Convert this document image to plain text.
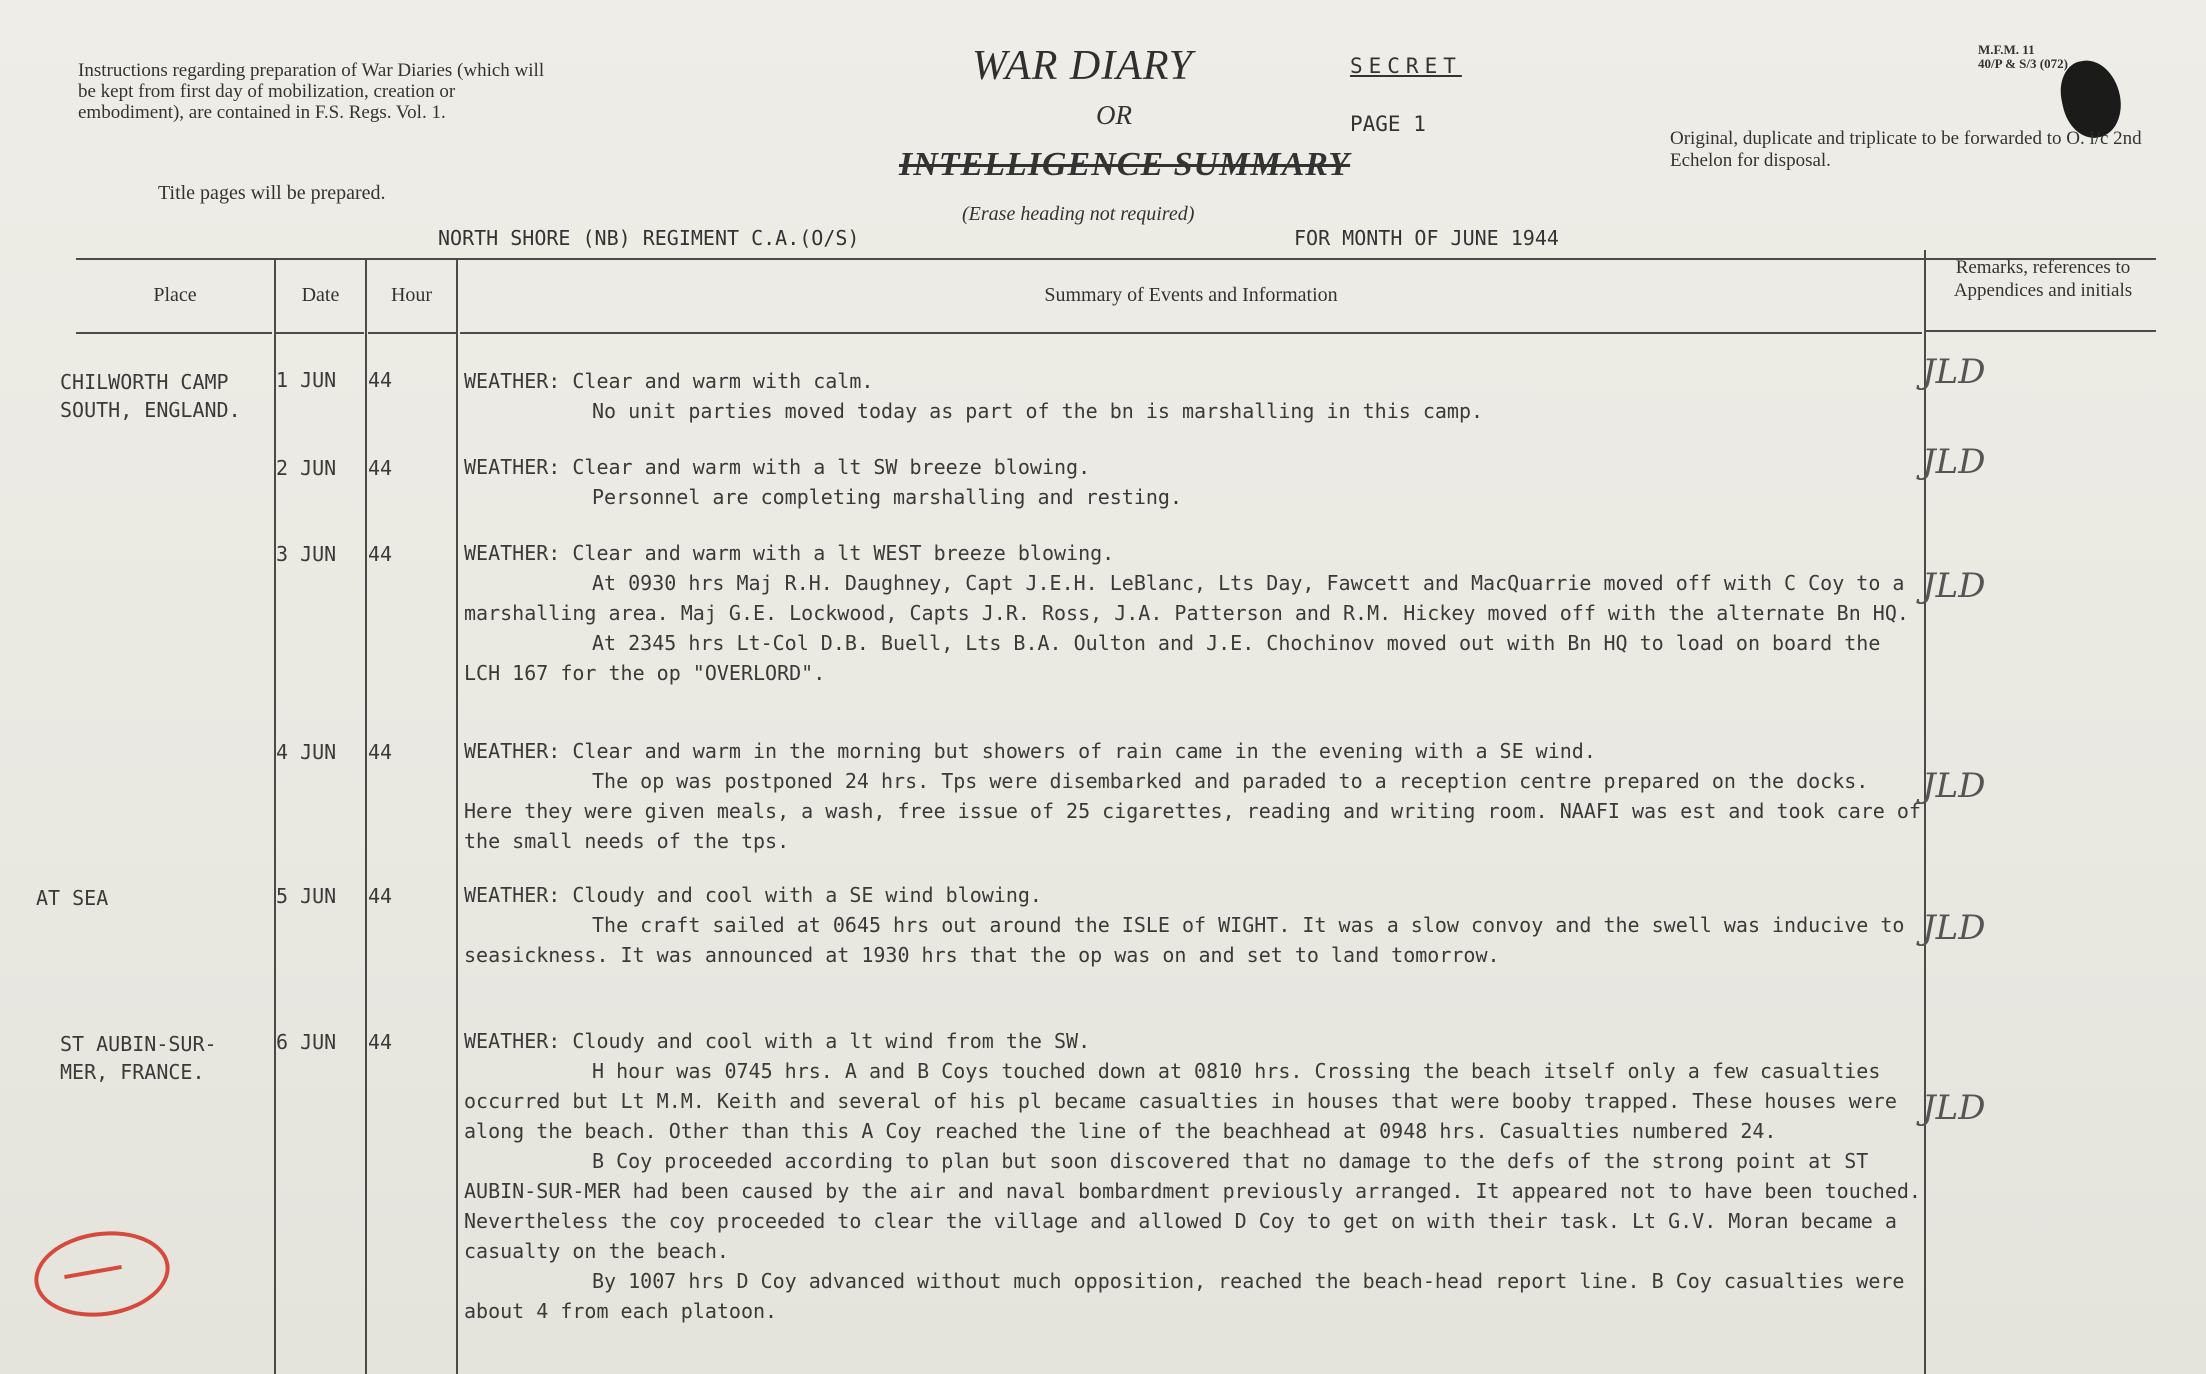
Instructions regarding preparation of War Diaries (which will be kept from first day of mobilization, creation or embodiment), are contained in F.S. Regs. Vol. 1.
Title pages will be prepared.
WAR DIARY
OR
INTELLIGENCE SUMMARY
SECRET
PAGE 1
(Erase heading not required)
NORTH SHORE (NB) REGIMENT C.A.(O/S)	FOR MONTH OF JUNE 1944
M.F.M. 11
40/P & S/3 (072)
Original, duplicate and triplicate to be forwarded to O. i/c 2nd Echelon for disposal.
Place	Date	Hour	Summary of Events and Information
Remarks, references to Appendices and initials
CHILWORTH CAMP
SOUTH, ENGLAND.
1 JUN 44	WEATHER: Clear and warm with calm.

No unit parties moved today as part of the bn is marshalling in this camp.

JLD
2 JUN 44	WEATHER: Clear and warm with a lt SW breeze blowing.

Personnel are completing marshalling and resting.

JLD
3 JUN 44	WEATHER: Clear and warm with a lt WEST breeze blowing.

At 0930 hrs Maj R.H. Daughney, Capt J.E.H. LeBlanc, Lts Day, Fawcett and MacQuarrie moved off with C Coy to a marshalling area. Maj G.E. Lockwood, Capts J.R. Ross, J.A. Patterson and R.M. Hickey moved off with the alternate Bn HQ.

At 2345 hrs Lt-Col D.B. Buell, Lts B.A. Oulton and J.E. Chochinov moved out with Bn HQ to load on board the LCH 167 for the op "OVERLORD".

JLD
4 JUN 44	WEATHER: Clear and warm in the morning but showers of rain came in the evening with a SE wind.

The op was postponed 24 hrs. Tps were disembarked and paraded to a reception centre prepared on the docks. Here they were given meals, a wash, free issue of 25 cigarettes, reading and writing room. NAAFI was est and took care of the small needs of the tps.

JLD
AT SEA	5 JUN 44	WEATHER: Cloudy and cool with a SE wind blowing.

The craft sailed at 0645 hrs out around the ISLE of WIGHT. It was a slow convoy and the swell was inducive to seasickness. It was announced at 1930 hrs that the op was on and set to land tomorrow.

JLD
ST AUBIN-SUR-
MER, FRANCE.
6 JUN 44	WEATHER: Cloudy and cool with a lt wind from the SW.

H hour was 0745 hrs. A and B Coys touched down at 0810 hrs. Crossing the beach itself only a few casualties occurred but Lt M.M. Keith and several of his pl became casualties in houses that were booby trapped. These houses were along the beach. Other than this A Coy reached the line of the beachhead at 0948 hrs. Casualties numbered 24.

B Coy proceeded according to plan but soon discovered that no damage to the defs of the strong point at ST AUBIN-SUR-MER had been caused by the air and naval bombardment previously arranged. It appeared not to have been touched. Nevertheless the coy proceeded to clear the village and allowed D Coy to get on with their task. Lt G.V. Moran became a casualty on the beach.

By 1007 hrs D Coy advanced without much opposition, reached the beach-head report line. B Coy casualties were about 4 from each platoon.

JLD
